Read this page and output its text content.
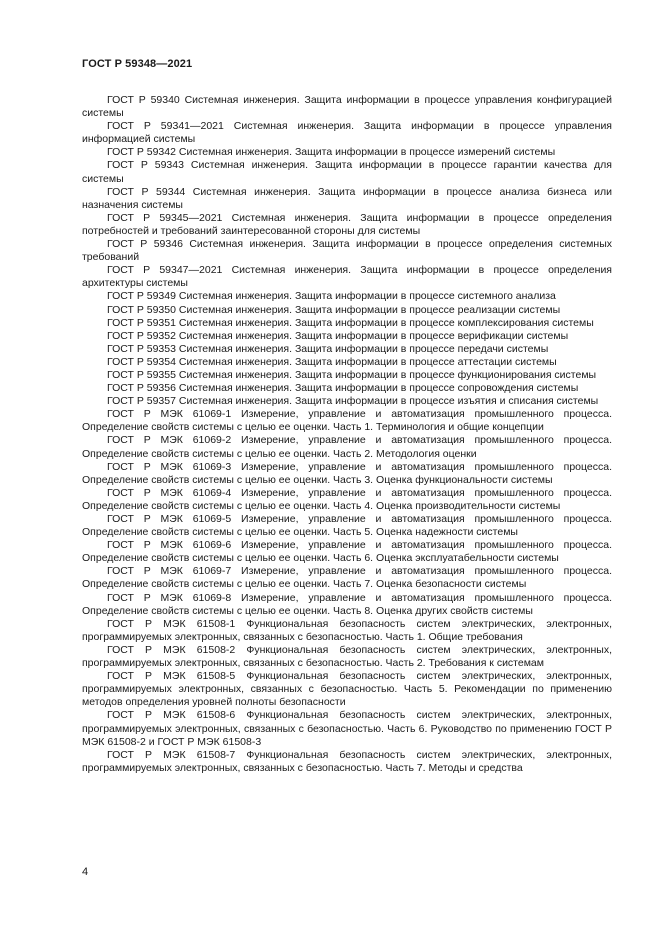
ГОСТ Р 59348—2021

ГОСТ Р 59340 Системная инженерия. Защита информации в процессе управления конфигурацией системы

ГОСТ Р 59341—2021 Системная инженерия. Защита информации в процессе управления информацией системы

ГОСТ Р 59342 Системная инженерия. Защита информации в процессе измерений системы

ГОСТ Р 59343 Системная инженерия. Защита информации в процессе гарантии качества для системы

ГОСТ Р 59344 Системная инженерия. Защита информации в процессе анализа бизнеса или назначения системы

ГОСТ Р 59345—2021 Системная инженерия. Защита информации в процессе определения потребностей и требований заинтересованной стороны для системы

ГОСТ Р 59346 Системная инженерия. Защита информации в процессе определения системных требований

ГОСТ Р 59347—2021 Системная инженерия. Защита информации в процессе определения архитектуры системы

ГОСТ Р 59349 Системная инженерия. Защита информации в процессе системного анализа

ГОСТ Р 59350 Системная инженерия. Защита информации в процессе реализации системы

ГОСТ Р 59351 Системная инженерия. Защита информации в процессе комплексирования системы

ГОСТ Р 59352 Системная инженерия. Защита информации в процессе верификации системы

ГОСТ Р 59353 Системная инженерия. Защита информации в процессе передачи системы

ГОСТ Р 59354 Системная инженерия. Защита информации в процессе аттестации системы

ГОСТ Р 59355 Системная инженерия. Защита информации в процессе функционирования системы

ГОСТ Р 59356 Системная инженерия. Защита информации в процессе сопровождения системы

ГОСТ Р 59357 Системная инженерия. Защита информации в процессе изъятия и списания системы

ГОСТ Р МЭК 61069-1 Измерение, управление и автоматизация промышленного процесса. Определение свойств системы с целью ее оценки. Часть 1. Терминология и общие концепции

ГОСТ Р МЭК 61069-2 Измерение, управление и автоматизация промышленного процесса. Определение свойств системы с целью ее оценки. Часть 2. Методология оценки

ГОСТ Р МЭК 61069-3 Измерение, управление и автоматизация промышленного процесса. Определение свойств системы с целью ее оценки. Часть 3. Оценка функциональности системы

ГОСТ Р МЭК 61069-4 Измерение, управление и автоматизация промышленного процесса. Определение свойств системы с целью ее оценки. Часть 4. Оценка производительности системы

ГОСТ Р МЭК 61069-5 Измерение, управление и автоматизация промышленного процесса. Определение свойств системы с целью ее оценки. Часть 5. Оценка надежности системы

ГОСТ Р МЭК 61069-6 Измерение, управление и автоматизация промышленного процесса. Определение свойств системы с целью ее оценки. Часть 6. Оценка эксплуатабельности системы

ГОСТ Р МЭК 61069-7 Измерение, управление и автоматизация промышленного процесса. Определение свойств системы с целью ее оценки. Часть 7. Оценка безопасности системы

ГОСТ Р МЭК 61069-8 Измерение, управление и автоматизация промышленного процесса. Определение свойств системы с целью ее оценки. Часть 8. Оценка других свойств системы

ГОСТ Р МЭК 61508-1 Функциональная безопасность систем электрических, электронных, программируемых электронных, связанных с безопасностью. Часть 1. Общие требования

ГОСТ Р МЭК 61508-2 Функциональная безопасность систем электрических, электронных, программируемых электронных, связанных с безопасностью. Часть 2. Требования к системам

ГОСТ Р МЭК 61508-5 Функциональная безопасность систем электрических, электронных, программируемых электронных, связанных с безопасностью. Часть 5. Рекомендации по применению методов определения уровней полноты безопасности

ГОСТ Р МЭК 61508-6 Функциональная безопасность систем электрических, электронных, программируемых электронных, связанных с безопасностью. Часть 6. Руководство по применению ГОСТ Р МЭК 61508-2 и ГОСТ Р МЭК 61508-3

ГОСТ Р МЭК 61508-7 Функциональная безопасность систем электрических, электронных, программируемых электронных, связанных с безопасностью. Часть 7. Методы и средства

4
